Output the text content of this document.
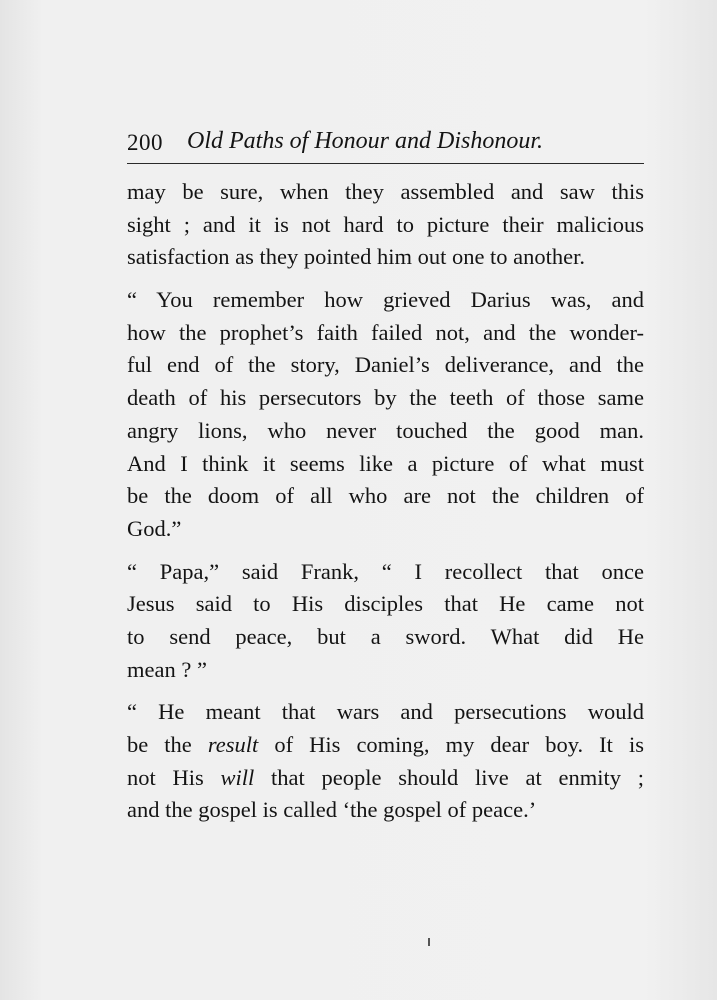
200 Old Paths of Honour and Dishonour.
may be sure, when they assembled and saw this
sight ; and it is not hard to picture their malicious
satisfaction as they pointed him out one to another.
“ You remember how grieved Darius was, and
how the prophet’s faith failed not, and the wonder-
ful end of the story, Daniel’s deliverance, and the
death of his persecutors by the teeth of those same
angry lions, who never touched the good man.
And I think it seems like a picture of what must
be the doom of all who are not the children of
God.”
“ Papa,” said Frank, “ I recollect that once
Jesus said to His disciples that He came not
to send peace, but a sword. What did He
mean ? ”
“ He meant that wars and persecutions would
be the result of His coming, my dear boy. It is
not His will that people should live at enmity ;
and the gospel is called ‘the gospel of peace.’
